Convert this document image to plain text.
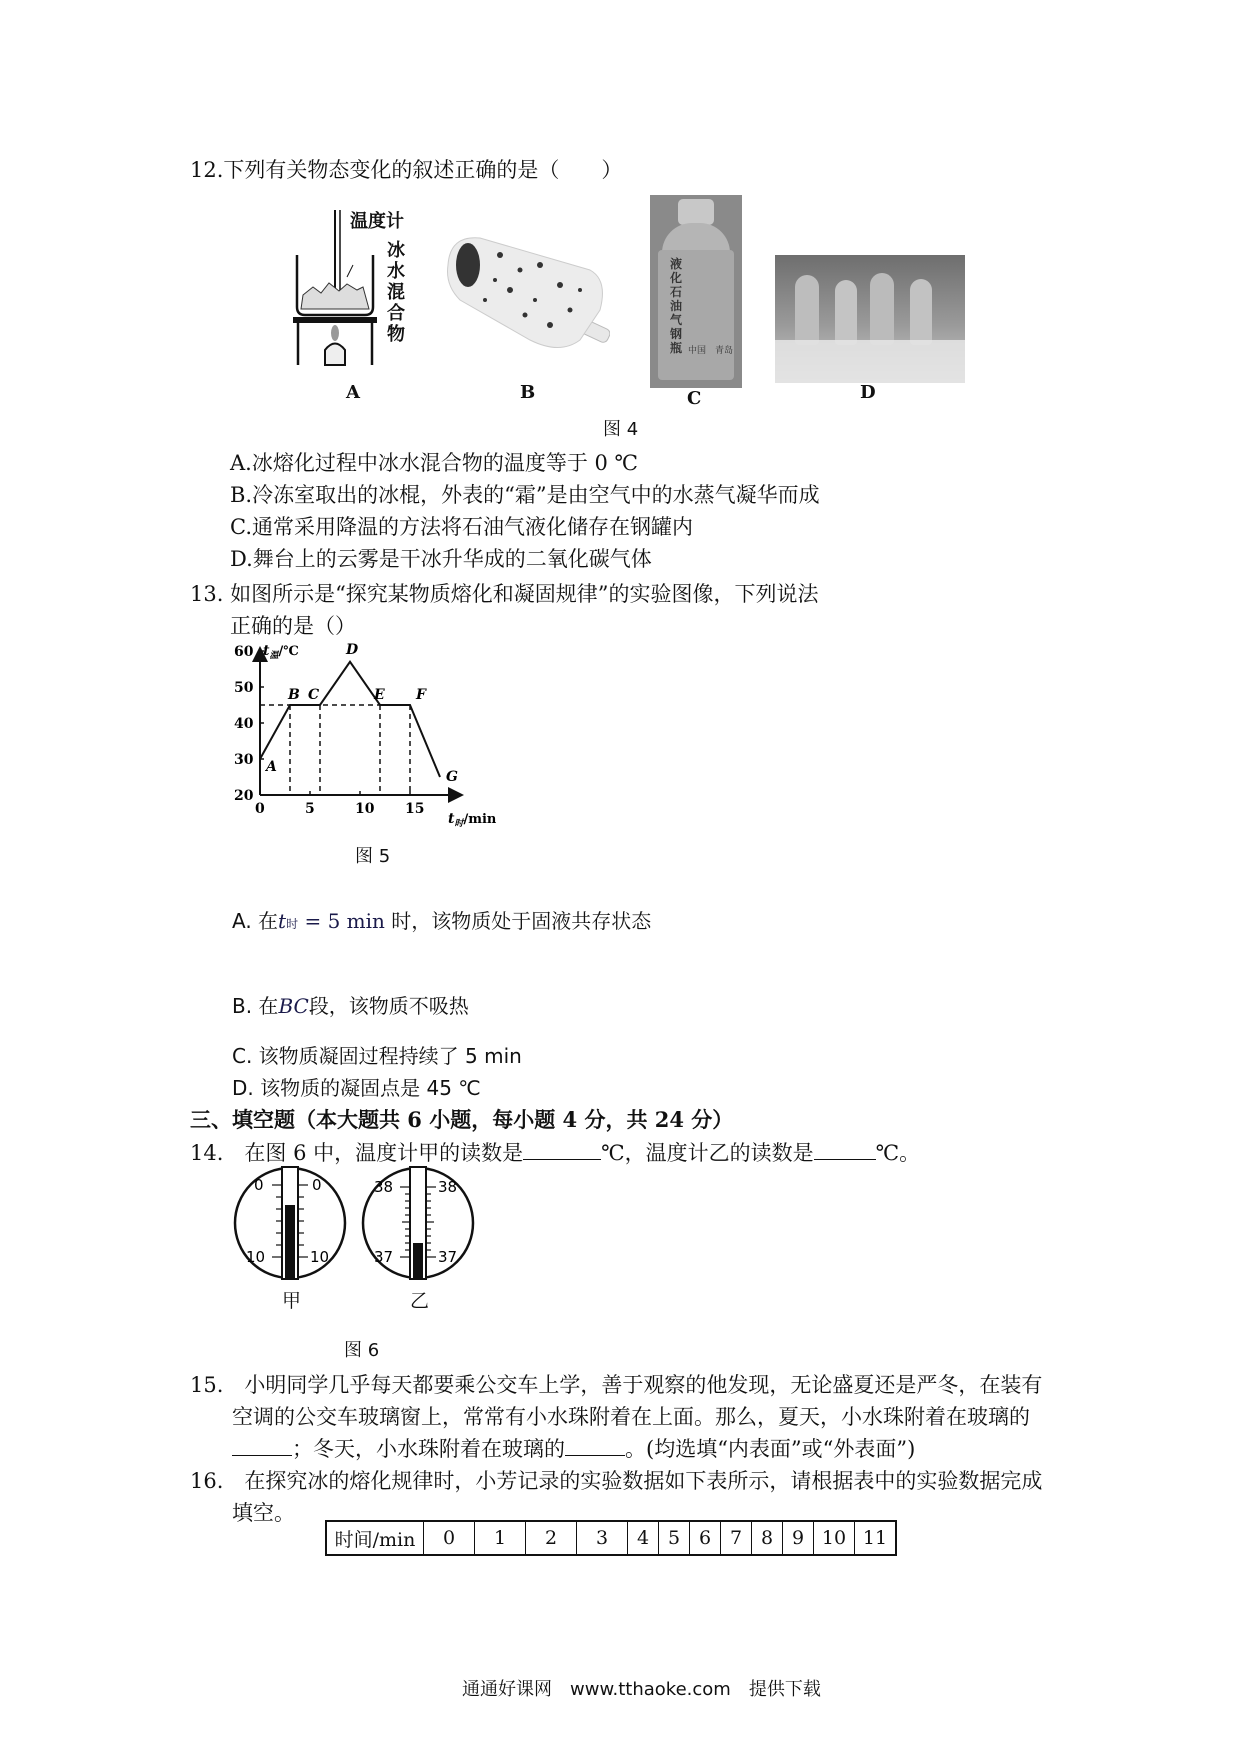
12.下列有关物态变化的叙述正确的是（　　）
温度计
冰水混合物
A	B
液化石油气钢瓶 中国　青岛
C	D
图 4
A.冰熔化过程中冰水混合物的温度等于 0 ℃
B.冷冻室取出的冰棍，外表的“霜”是由空气中的水蒸气凝华而成
C.通常采用降温的方法将石油气液化储存在钢罐内
D.舞台上的云雾是干冰升华成的二氧化碳气体
13. 如图所示是“探究某物质熔化和凝固规律”的实验图像，下列说法
正确的是（）
0	5	10 15
20
30
40
50
60
A
B C
D
E F
G
$t_温/℃$
$t_时/\min$
图 5
A. 在t时 = 5 min 时，该物质处于固液共存状态
B. 在BC段，该物质不吸热
C. 该物质凝固过程持续了 5 min
D. 该物质的凝固点是 45 ℃
三、填空题（本大题共 6 小题，每小题 4 分，共 24 分）
14.　在图 6 中，温度计甲的读数是	℃，温度计乙的读数是	℃。
0	0
10	10
甲
38	38
37	37
乙
图 6
15.　小明同学几乎每天都要乘公交车上学，善于观察的他发现，无论盛夏还是严冬，在装有
空调的公交车玻璃窗上，常常有小水珠附着在上面。那么，夏天，小水珠附着在玻璃的
；冬天，小水珠附着在玻璃的	。(均选填“内表面”或“外表面”)
16.　在探究冰的熔化规律时，小芳记录的实验数据如下表所示，请根据表中的实验数据完成
填空。
时间/min	0	1	2	3	4	5	6	7	8	9	10	11
通通好课网　www.tthaoke.com　提供下载
